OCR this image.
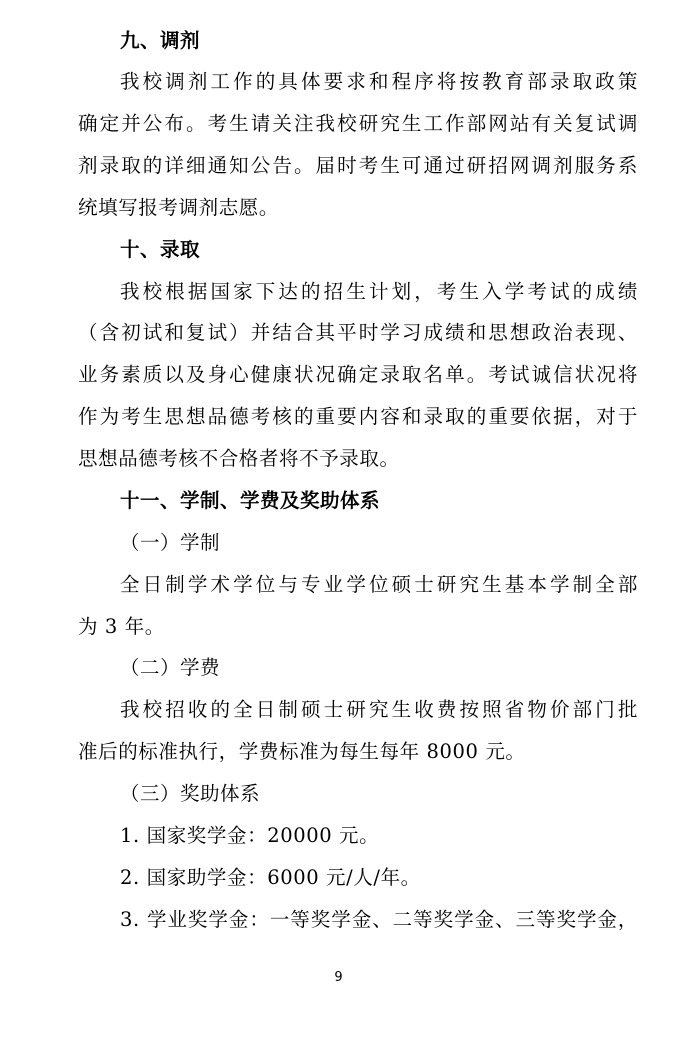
九、调剂
我校调剂工作的具体要求和程序将按教育部录取政策
确定并公布。考生请关注我校研究生工作部网站有关复试调
剂录取的详细通知公告。届时考生可通过研招网调剂服务系
统填写报考调剂志愿。
十、录取
我校根据国家下达的招生计划，考生入学考试的成绩
（含初试和复试）并结合其平时学习成绩和思想政治表现、
业务素质以及身心健康状况确定录取名单。考试诚信状况将
作为考生思想品德考核的重要内容和录取的重要依据，对于
思想品德考核不合格者将不予录取。
十一、学制、学费及奖助体系
（一）学制
全日制学术学位与专业学位硕士研究生基本学制全部
为 3 年。
（二）学费
我校招收的全日制硕士研究生收费按照省物价部门批
准后的标准执行，学费标准为每生每年 8000 元。
（三）奖助体系
1. 国家奖学金：20000 元。
2. 国家助学金：6000 元/人/年。
3. 学业奖学金：一等奖学金、二等奖学金、三等奖学金，
9
